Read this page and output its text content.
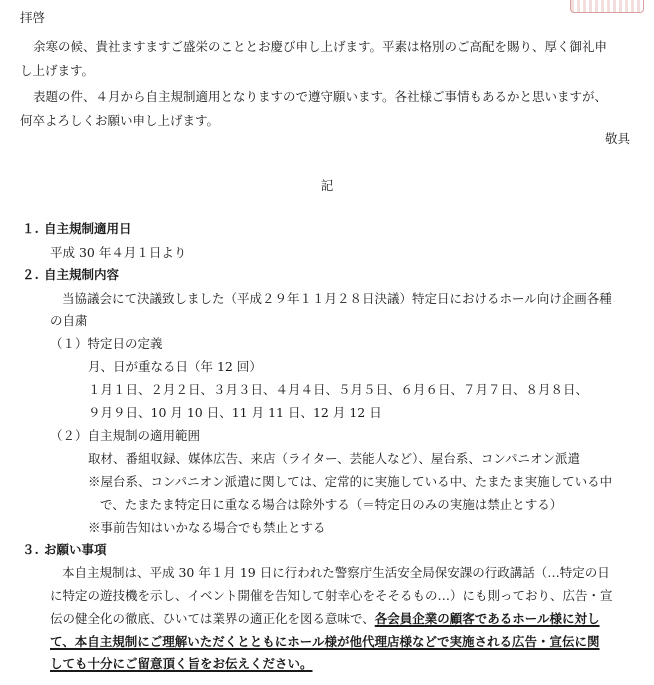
拝啓
余寒の候、貴社ますますご盛栄のこととお慶び申し上げます。平素は格別のご高配を賜り、厚く御礼申
し上げます。
表題の件、４月から自主規制適用となりますので遵守願います。各社様ご事情もあるかと思いますが、
何卒よろしくお願い申し上げます。
敬具
記
１. 自主規制適用日
平成 30 年４月１日より
２. 自主規制内容
当協議会にて決議致しました（平成２９年１１月２８日決議）特定日におけるホール向け企画各種
の自粛
（１）特定日の定義
月、日が重なる日（年 12 回）
１月１日、２月２日、３月３日、４月４日、５月５日、６月６日、７月７日、８月８日、
９月９日、10 月 10 日、11 月 11 日、12 月 12 日
（２）自主規制の適用範囲
取材、番組収録、媒体広告、来店（ライター、芸能人など）、屋台系、コンパニオン派遣
※屋台系、コンパニオン派遣に関しては、定常的に実施している中、たまたま実施している中
で、たまたま特定日に重なる場合は除外する（＝特定日のみの実施は禁止とする）
※事前告知はいかなる場合でも禁止とする
３. お願い事項
本自主規制は、平成 30 年１月 19 日に行われた警察庁生活安全局保安課の行政講話（…特定の日
に特定の遊技機を示し、イベント開催を告知して射幸心をそそるもの…）にも則っており、広告・宣
伝の健全化の徹底、ひいては業界の適正化を図る意味で、各会員企業の顧客であるホール様に対し
て、本自主規制にご理解いただくとともにホール様が他代理店様などで実施される広告・宣伝に関
しても十分にご留意頂く旨をお伝えください。
